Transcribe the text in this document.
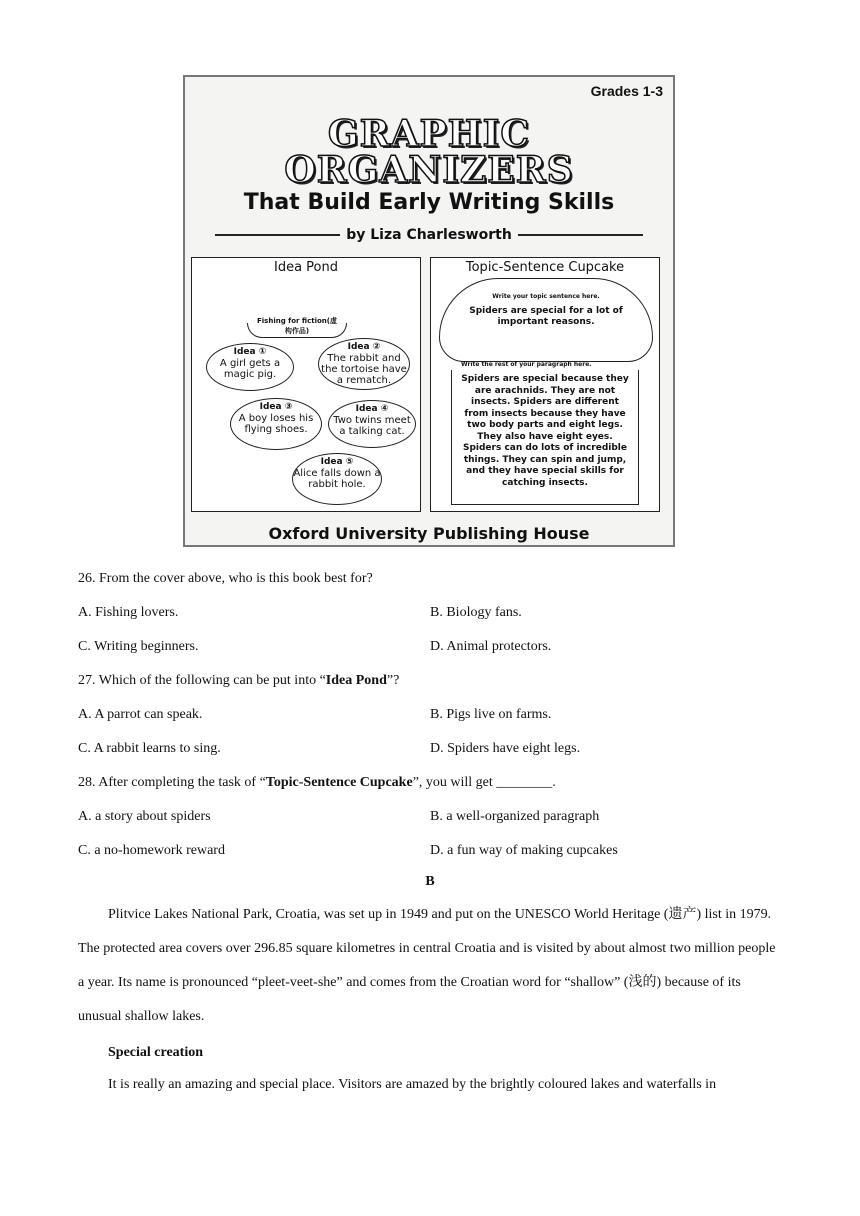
Grades 1-3
GRAPHIC
ORGANIZERS
That Build Early Writing Skills
by Liza Charlesworth
Idea Pond
Fishing for fiction(虚构作品)
Idea ①
A girl gets a magic pig.
Idea ②
The rabbit and the tortoise have a rematch.
Idea ③
A boy loses his flying shoes.
Idea ④
Two twins meet a talking cat.
Idea ⑤
Alice falls down a rabbit hole.
Topic-Sentence Cupcake
Write your topic sentence here.
Spiders are special for a lot of important reasons.
Write the rest of your paragraph here.
Spiders are special because they are arachnids. They are not insects. Spiders are different from insects because they have two body parts and eight legs. They also have eight eyes. Spiders can do lots of incredible things. They can spin and jump, and they have special skills for catching insects.
Oxford University Publishing House
26. From the cover above, who is this book best for?
A. Fishing lovers.	B. Biology fans.
C. Writing beginners.	D. Animal protectors.
27. Which of the following can be put into “Idea Pond”?
A. A parrot can speak.	B. Pigs live on farms.
C. A rabbit learns to sing.	D. Spiders have eight legs.
28. After completing the task of “Topic-Sentence Cupcake”, you will get ________.
A. a story about spiders	B. a well-organized paragraph
C. a no-homework reward	D. a fun way of making cupcakes
B
Plitvice Lakes National Park, Croatia, was set up in 1949 and put on the UNESCO World Heritage (遗产) list in 1979. The protected area covers over 296.85 square kilometres in central Croatia and is visited by about almost two million people a year. Its name is pronounced “pleet-veet-she” and comes from the Croatian word for “shallow” (浅的) because of its unusual shallow lakes.
Special creation
It is really an amazing and special place. Visitors are amazed by the brightly coloured lakes and waterfalls in
